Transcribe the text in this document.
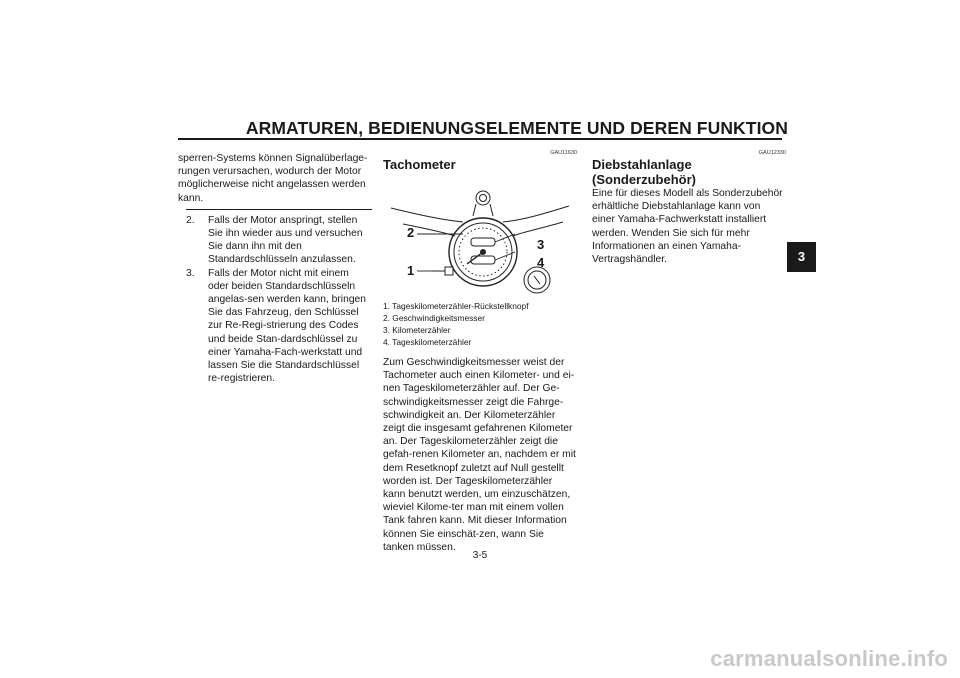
ARMATUREN, BEDIENUNGSELEMENTE UND DEREN FUNKTION
3

sperren-Systems können Signalüberlage-rungen verursachen, wodurch der Motor möglicherweise nicht angelassen werden kann.

2. Falls der Motor anspringt, stellen Sie ihn wieder aus und versuchen Sie dann ihn mit den Standardschlüsseln anzulassen.
3. Falls der Motor nicht mit einem oder beiden Standardschlüsseln angelas-sen werden kann, bringen Sie das Fahrzeug, den Schlüssel zur Re-Regi-strierung des Codes und beide Stan-dardschlüssel zu einer Yamaha-Fach-werkstatt und lassen Sie die Standardschlüssel re-registrieren.
GAU11630
Tachometer
2
1
3
4
1. Tageskilometerzähler-Rückstellknopf
2. Geschwindigkeitsmesser
3. Kilometerzähler
4. Tageskilometerzähler

Zum Geschwindigkeitsmesser weist der Tachometer auch einen Kilometer- und ei-nen Tageskilometerzähler auf. Der Ge-schwindigkeitsmesser zeigt die Fahrge-schwindigkeit an. Der Kilometerzähler zeigt die insgesamt gefahrenen Kilometer an. Der Tageskilometerzähler zeigt die gefah-renen Kilometer an, nachdem er mit dem Resetknopf zuletzt auf Null gestellt worden ist. Der Tageskilometerzähler kann benutzt werden, um einzuschätzen, wieviel Kilome-ter man mit einem vollen Tank fahren kann. Mit dieser Information können Sie einschät-zen, wann Sie tanken müssen.

GAU12330
Diebstahlanlage
(Sonderzubehör)

Eine für dieses Modell als Sonderzubehör erhältliche Diebstahlanlage kann von einer Yamaha-Fachwerkstatt installiert werden. Wenden Sie sich für mehr Informationen an einen Yamaha-Vertragshändler.

3-5
carmanualsonline.info
